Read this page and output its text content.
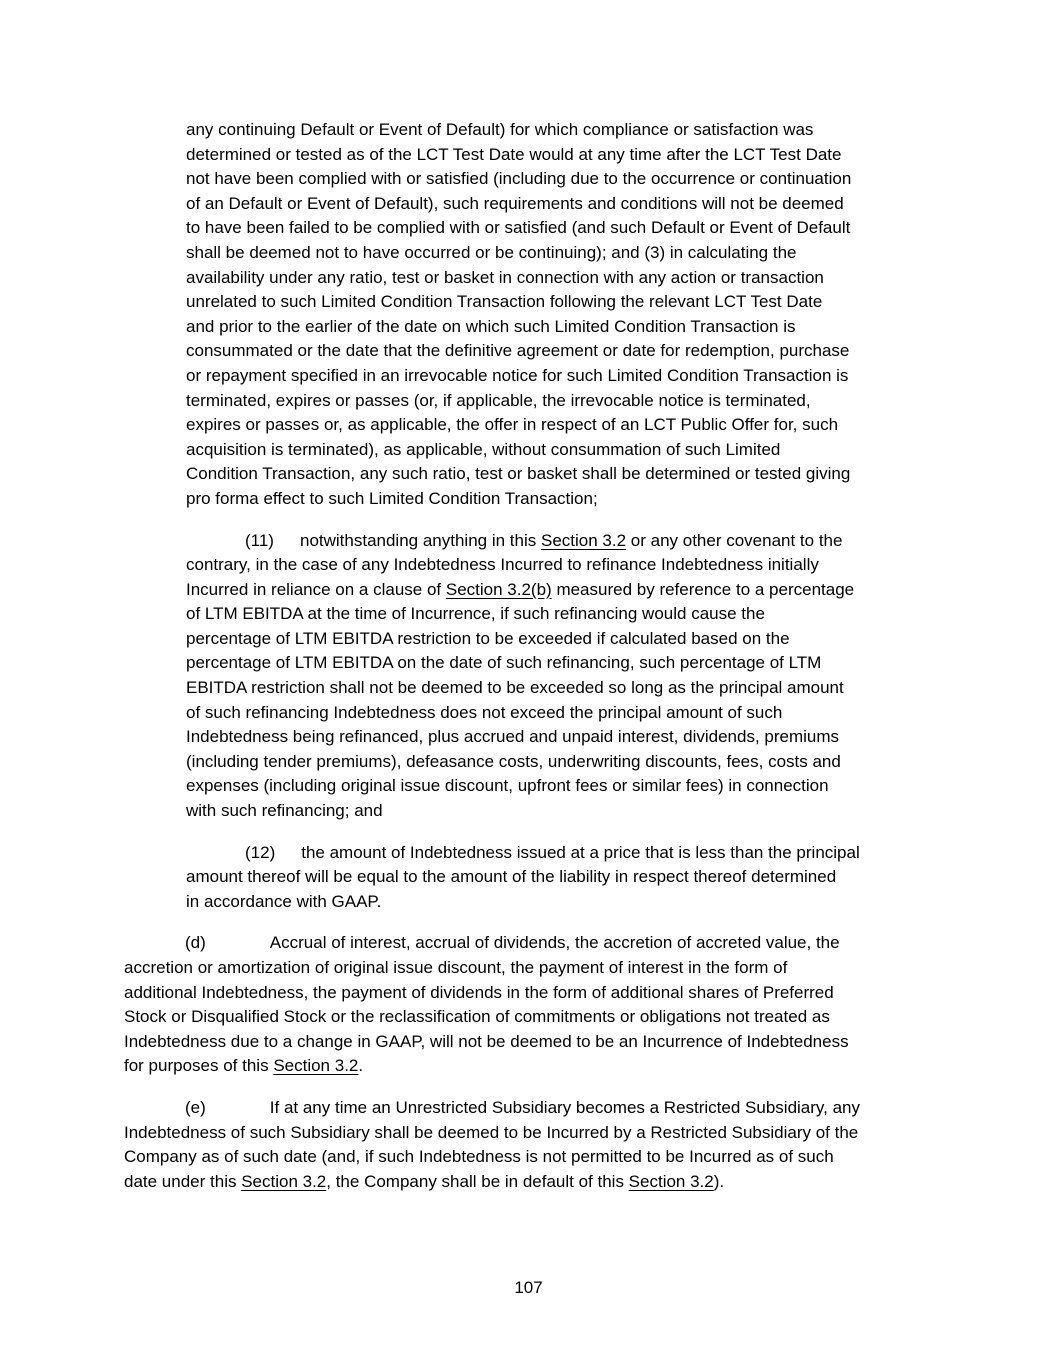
any continuing Default or Event of Default) for which compliance or satisfaction was
determined or tested as of the LCT Test Date would at any time after the LCT Test Date
not have been complied with or satisfied (including due to the occurrence or continuation
of an Default or Event of Default), such requirements and conditions will not be deemed
to have been failed to be complied with or satisfied (and such Default or Event of Default
shall be deemed not to have occurred or be continuing); and (3) in calculating the
availability under any ratio, test or basket in connection with any action or transaction
unrelated to such Limited Condition Transaction following the relevant LCT Test Date
and prior to the earlier of the date on which such Limited Condition Transaction is
consummated or the date that the definitive agreement or date for redemption, purchase
or repayment specified in an irrevocable notice for such Limited Condition Transaction is
terminated, expires or passes (or, if applicable, the irrevocable notice is terminated,
expires or passes or, as applicable, the offer in respect of an LCT Public Offer for, such
acquisition is terminated), as applicable, without consummation of such Limited
Condition Transaction, any such ratio, test or basket shall be determined or tested giving
pro forma effect to such Limited Condition Transaction;

(11) notwithstanding anything in this Section 3.2 or any other covenant to the
contrary, in the case of any Indebtedness Incurred to refinance Indebtedness initially
Incurred in reliance on a clause of Section 3.2(b) measured by reference to a percentage
of LTM EBITDA at the time of Incurrence, if such refinancing would cause the
percentage of LTM EBITDA restriction to be exceeded if calculated based on the
percentage of LTM EBITDA on the date of such refinancing, such percentage of LTM
EBITDA restriction shall not be deemed to be exceeded so long as the principal amount
of such refinancing Indebtedness does not exceed the principal amount of such
Indebtedness being refinanced, plus accrued and unpaid interest, dividends, premiums
(including tender premiums), defeasance costs, underwriting discounts, fees, costs and
expenses (including original issue discount, upfront fees or similar fees) in connection
with such refinancing; and

(12) the amount of Indebtedness issued at a price that is less than the principal
amount thereof will be equal to the amount of the liability in respect thereof determined
in accordance with GAAP.

(d)	Accrual of interest, accrual of dividends, the accretion of accreted value, the
accretion or amortization of original issue discount, the payment of interest in the form of
additional Indebtedness, the payment of dividends in the form of additional shares of Preferred
Stock or Disqualified Stock or the reclassification of commitments or obligations not treated as
Indebtedness due to a change in GAAP, will not be deemed to be an Incurrence of Indebtedness
for purposes of this Section 3.2.

(e)	If at any time an Unrestricted Subsidiary becomes a Restricted Subsidiary, any
Indebtedness of such Subsidiary shall be deemed to be Incurred by a Restricted Subsidiary of the
Company as of such date (and, if such Indebtedness is not permitted to be Incurred as of such
date under this Section 3.2, the Company shall be in default of this Section 3.2).

107
